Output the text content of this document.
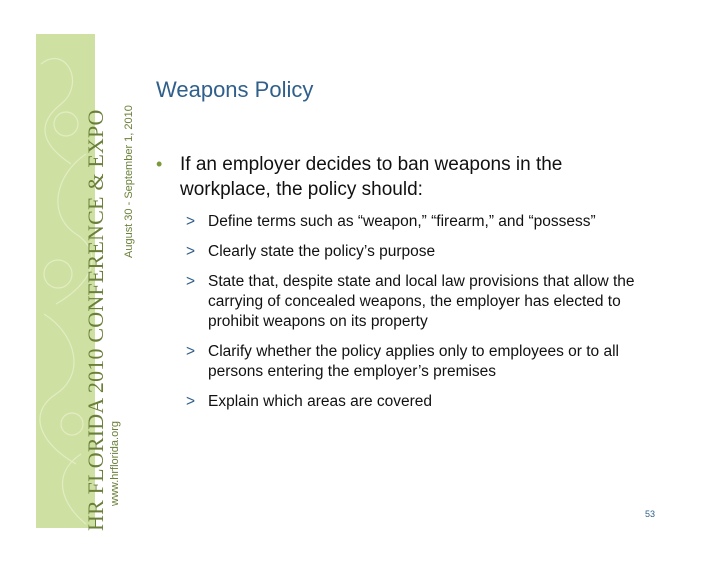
HR FLORIDA 2010 CONFERENCE & EXPO www.hrflorida.org
August 30 - September 1, 2010
Weapons Policy
• If an employer decides to ban weapons in the workplace, the policy should:
> Define terms such as “weapon,” “firearm,” and “possess”
> Clearly state the policy’s purpose
> State that, despite state and local law provisions that allow the carrying of concealed weapons, the employer has elected to prohibit weapons on its property
> Clarify whether the policy applies only to employees or to all persons entering the employer’s premises
> Explain which areas are covered
53
